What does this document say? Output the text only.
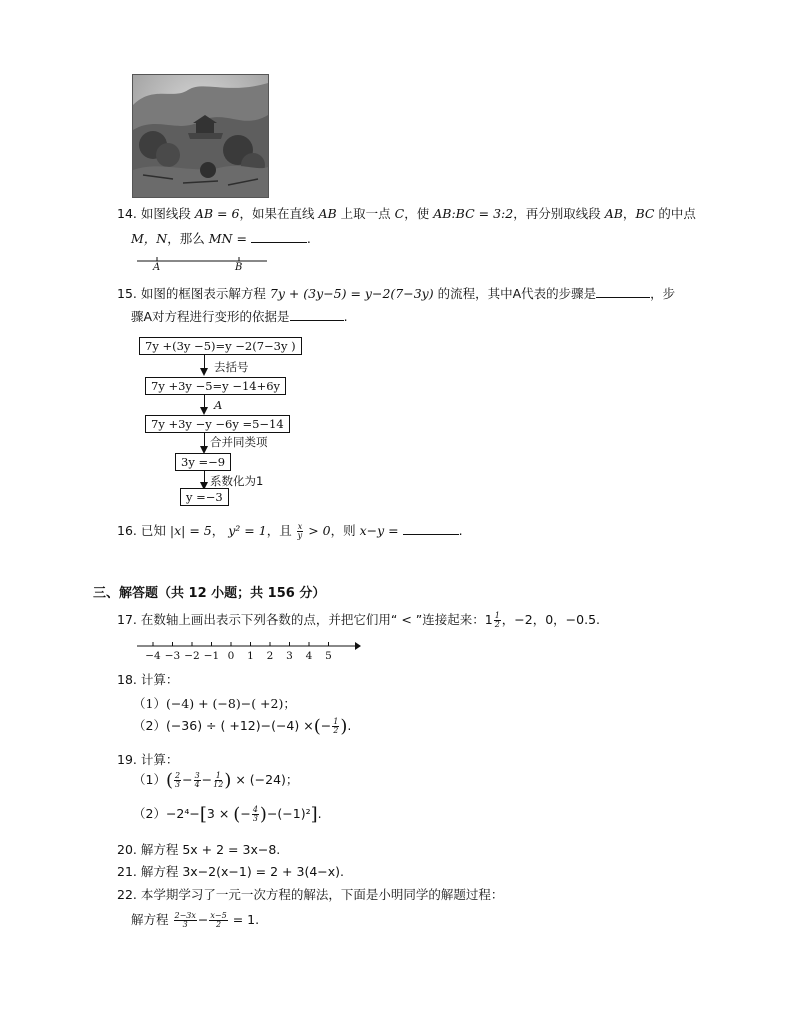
14. 如图线段 AB = 6，如果在直线 AB 上取一点 C，使 AB:BC = 3:2，再分别取线段 AB，BC 的中点
M，N，那么 MN =	.
A	B
15. 如图的框图表示解方程 7y + (3y−5) = y−2(7−3y) 的流程，其中A代表的步骤是	，步
骤A对方程进行变形的依据是	.
7y +(3y −5)=y −2(7−3y )
去括号
7y +3y −5=y −14+6y
A
7y +3y −y −6y =5−14
合并同类项
3y =−9
系数化为1
y =−3
16. 已知 |x| = 5， y² = 1，且 $\frac{x}{y} > 0$，则 x−y =	.
三、解答题（共 12 小题；共 156 分）
17. 在数轴上画出表示下列各数的点，并把它们用“ < ”连接起来：$1 \frac{1}{2}$ ，−2，0，−0.5.
−4 −3 −2 −1 0 1 2 3 4 5
18. 计算：
（1）(−4) + (−8)−( +2)；
（2）(−36) ÷ ( +12)−(−4) ×(− $\frac{1}{2}$ ).
19. 计算：
$(1)( \frac{2}{3} - \frac{3}{4} - \frac{1}{12}$ ) × (−24)；
（2）−2⁴−[3 × (− $\frac{4}{3} )-(-1)^2$].
20. 解方程 5x + 2 = 3x−8.
21. 解方程 3x−2(x−1) = 2 + 3(4−x).
22. 本学期学习了一元一次方程的解法，下面是小明同学的解题过程：
解方程 $\frac{2-3x}{3} - \frac{x-5}{2} = 1$.
